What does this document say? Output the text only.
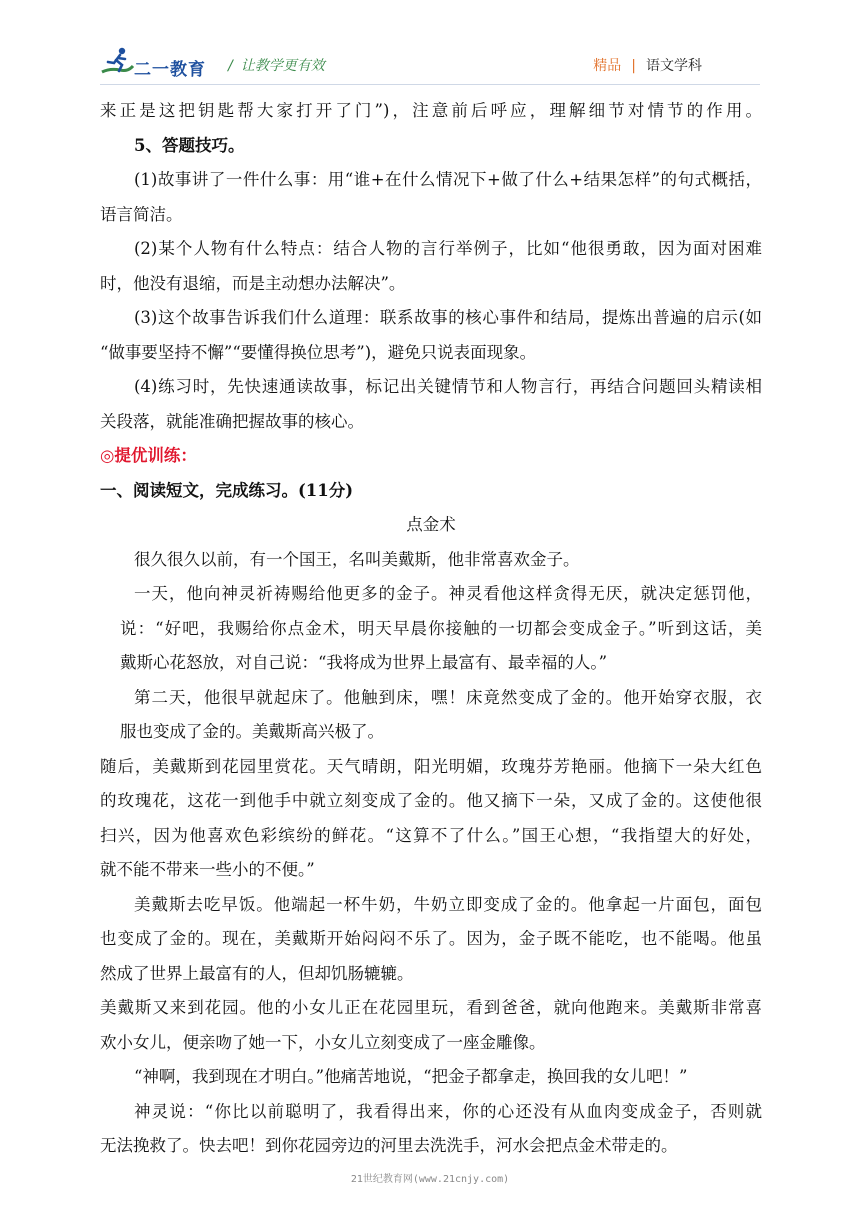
二一教育 / 让教学更有效	精品 | 语文学科
来正是这把钥匙帮大家打开了门”)，注意前后呼应，理解细节对情节的作用。
5、答题技巧。
(1)故事讲了一件什么事：用“谁+在什么情况下+做了什么+结果怎样”的句式概括，
语言简洁。
(2)某个人物有什么特点：结合人物的言行举例子，比如“他很勇敢，因为面对困难
时，他没有退缩，而是主动想办法解决”。
(3)这个故事告诉我们什么道理：联系故事的核心事件和结局，提炼出普遍的启示(如
“做事要坚持不懈”“要懂得换位思考”)，避免只说表面现象。
(4)练习时，先快速通读故事，标记出关键情节和人物言行，再结合问题回头精读相
关段落，就能准确把握故事的核心。
◎提优训练：
一、阅读短文，完成练习。(11分)
点金术
很久很久以前，有一个国王，名叫美戴斯，他非常喜欢金子。
一天，他向神灵祈祷赐给他更多的金子。神灵看他这样贪得无厌，就决定惩罚他，
说：“好吧，我赐给你点金术，明天早晨你接触的一切都会变成金子。”听到这话，美
戴斯心花怒放，对自己说：“我将成为世界上最富有、最幸福的人。”
第二天，他很早就起床了。他触到床，嘿！床竟然变成了金的。他开始穿衣服，衣
服也变成了金的。美戴斯高兴极了。
随后，美戴斯到花园里赏花。天气晴朗，阳光明媚，玫瑰芬芳艳丽。他摘下一朵大红色
的玫瑰花，这花一到他手中就立刻变成了金的。他又摘下一朵，又成了金的。这使他很
扫兴，因为他喜欢色彩缤纷的鲜花。“这算不了什么。”国王心想，“我指望大的好处，
就不能不带来一些小的不便。”
美戴斯去吃早饭。他端起一杯牛奶，牛奶立即变成了金的。他拿起一片面包，面包
也变成了金的。现在，美戴斯开始闷闷不乐了。因为，金子既不能吃，也不能喝。他虽
然成了世界上最富有的人，但却饥肠辘辘。
美戴斯又来到花园。他的小女儿正在花园里玩，看到爸爸，就向他跑来。美戴斯非常喜
欢小女儿，便亲吻了她一下，小女儿立刻变成了一座金雕像。
“神啊，我到现在才明白。”他痛苦地说，“把金子都拿走，换回我的女儿吧！”
神灵说：“你比以前聪明了，我看得出来，你的心还没有从血肉变成金子，否则就
无法挽救了。快去吧！到你花园旁边的河里去洗洗手，河水会把点金术带走的。
21世纪教育网(www.21cnjy.com)
